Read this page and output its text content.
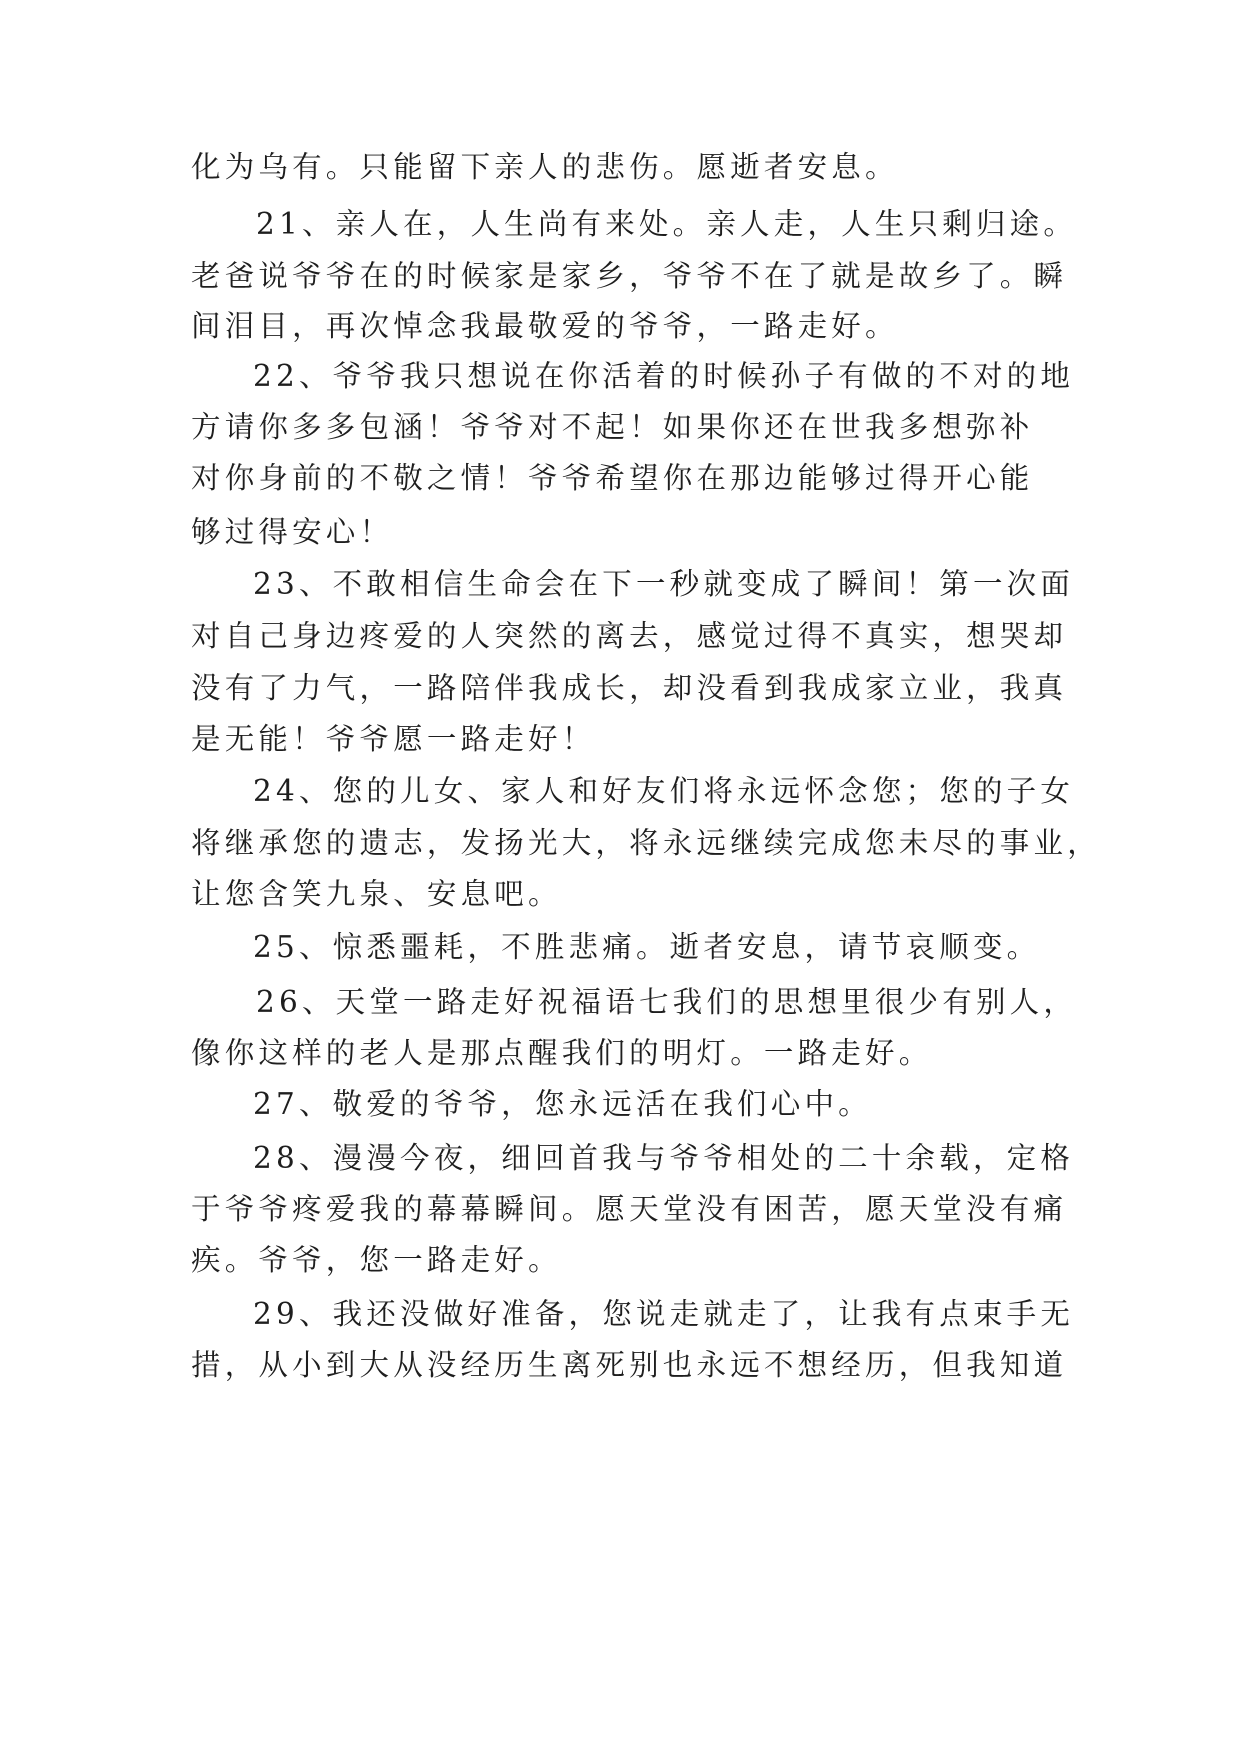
化为乌有。只能留下亲人的悲伤。愿逝者安息。
21、亲人在，人生尚有来处。亲人走，人生只剩归途。
老爸说爷爷在的时候家是家乡，爷爷不在了就是故乡了。瞬
间泪目，再次悼念我最敬爱的爷爷，一路走好。
22、爷爷我只想说在你活着的时候孙子有做的不对的地
方请你多多包涵！爷爷对不起！如果你还在世我多想弥补
对你身前的不敬之情！爷爷希望你在那边能够过得开心能
够过得安心！
23、不敢相信生命会在下一秒就变成了瞬间！第一次面
对自己身边疼爱的人突然的离去，感觉过得不真实，想哭却
没有了力气，一路陪伴我成长，却没看到我成家立业，我真
是无能！爷爷愿一路走好！
24、您的儿女、家人和好友们将永远怀念您；您的子女
将继承您的遗志，发扬光大，将永远继续完成您未尽的事业，
让您含笑九泉、安息吧。
25、惊悉噩耗，不胜悲痛。逝者安息，请节哀顺变。
26、天堂一路走好祝福语七我们的思想里很少有别人，
像你这样的老人是那点醒我们的明灯。一路走好。
27、敬爱的爷爷，您永远活在我们心中。
28、漫漫今夜，细回首我与爷爷相处的二十余载，定格
于爷爷疼爱我的幕幕瞬间。愿天堂没有困苦，愿天堂没有痛
疾。爷爷，您一路走好。
29、我还没做好准备，您说走就走了，让我有点束手无
措，从小到大从没经历生离死别也永远不想经历，但我知道
